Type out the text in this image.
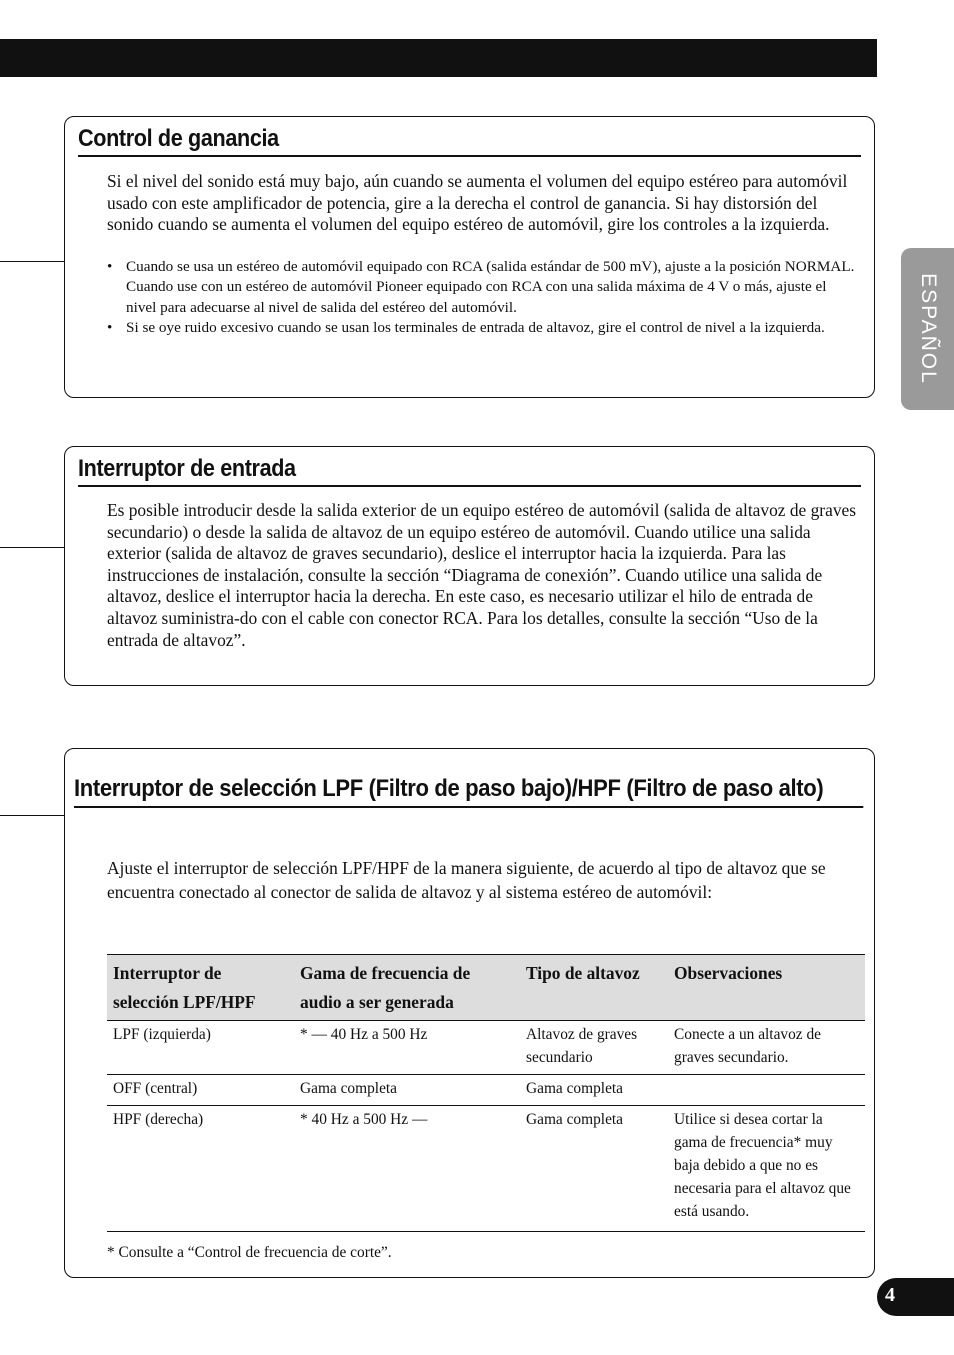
ESPAÑOL
Control de ganancia
Si el nivel del sonido está muy bajo, aún cuando se aumenta el volumen del equipo estéreo para automóvil usado con este amplificador de potencia, gire a la derecha el control de ganancia. Si hay distorsión del sonido cuando se aumenta el volumen del equipo estéreo de automóvil, gire los controles a la izquierda.
• Cuando se usa un estéreo de automóvil equipado con RCA (salida estándar de 500 mV), ajuste a la posición NORMAL. Cuando use con un estéreo de automóvil Pioneer equipado con RCA con una salida máxima de 4 V o más, ajuste el nivel para adecuarse al nivel de salida del estéreo del automóvil.
• Si se oye ruido excesivo cuando se usan los terminales de entrada de altavoz, gire el control de nivel a la izquierda.
Interruptor de entrada
Es posible introducir desde la salida exterior de un equipo estéreo de automóvil (salida de altavoz de graves secundario) o desde la salida de altavoz de un equipo estéreo de automóvil. Cuando utilice una salida exterior (salida de altavoz de graves secundario), deslice el interruptor hacia la izquierda. Para las instrucciones de instalación, consulte la sección “Diagrama de conexión”. Cuando utilice una salida de altavoz, deslice el interruptor hacia la derecha. En este caso, es necesario utilizar el hilo de entrada de altavoz suministra-do con el cable con conector RCA. Para los detalles, consulte la sección “Uso de la entrada de altavoz”.
Interruptor de selección LPF (Filtro de paso bajo)/HPF (Filtro de paso alto)
Ajuste el interruptor de selección LPF/HPF de la manera siguiente, de acuerdo al tipo de altavoz que se encuentra conectado al conector de salida de altavoz y al sistema estéreo de automóvil:
Interruptor de selección LPF/HPF	Gama de frecuencia de audio a ser generada	Tipo de altavoz	Observaciones
LPF (izquierda)	* — 40 Hz a 500 Hz	Altavoz de graves secundario	Conecte a un altavoz de graves secundario.
OFF (central)	Gama completa	Gama completa	
HPF (derecha)	* 40 Hz a 500 Hz —	Gama completa	Utilice si desea cortar la gama de frecuencia* muy baja debido a que no es necesaria para el altavoz que está usando.
* Consulte a “Control de frecuencia de corte”.
4
